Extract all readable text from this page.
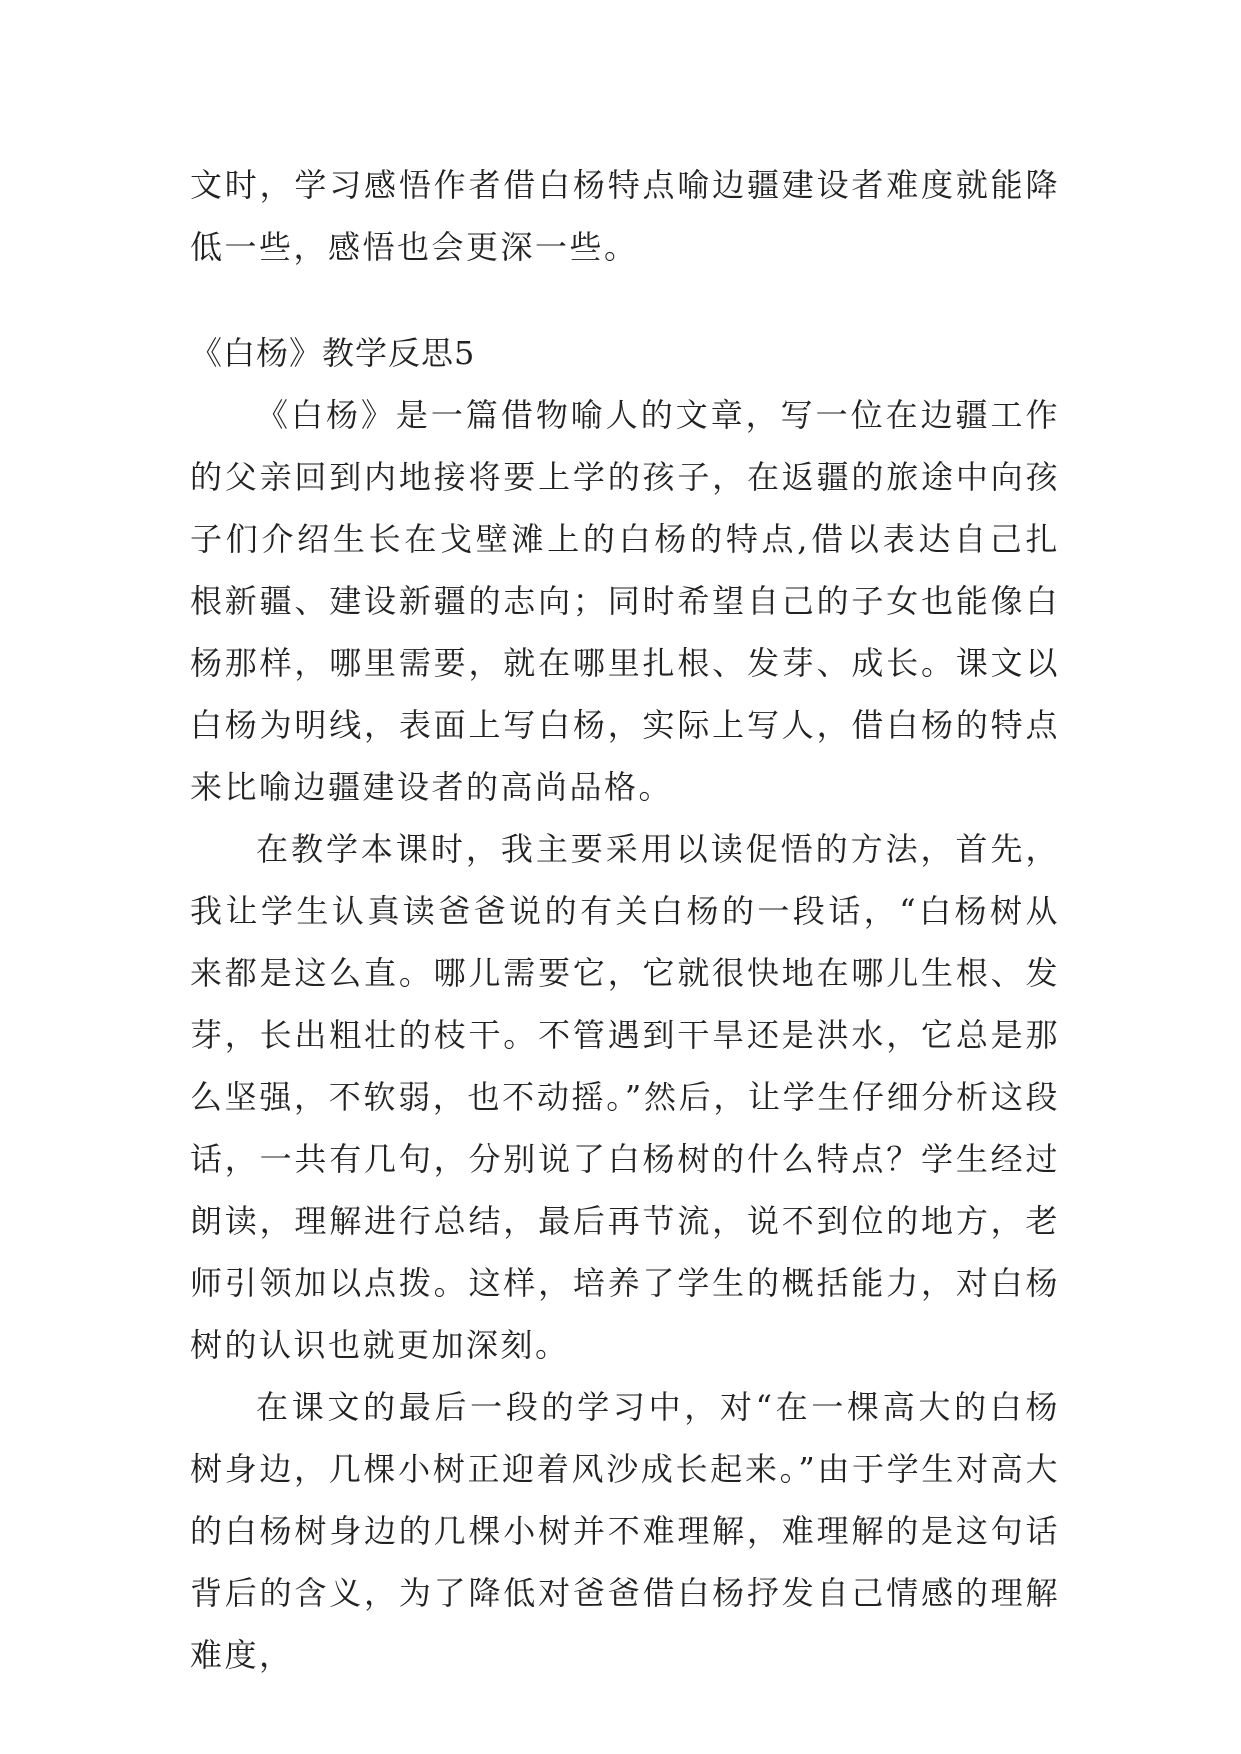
文时，学习感悟作者借白杨特点喻边疆建设者难度就能降低一些，感悟也会更深一些。

《白杨》教学反思5

《白杨》是一篇借物喻人的文章，写一位在边疆工作的父亲回到内地接将要上学的孩子，在返疆的旅途中向孩子们介绍生长在戈壁滩上的白杨的特点,借以表达自己扎根新疆、建设新疆的志向；同时希望自己的子女也能像白杨那样，哪里需要，就在哪里扎根、发芽、成长。课文以白杨为明线，表面上写白杨，实际上写人，借白杨的特点来比喻边疆建设者的高尚品格。

在教学本课时，我主要采用以读促悟的方法，首先，我让学生认真读爸爸说的有关白杨的一段话，“白杨树从来都是这么直。哪儿需要它，它就很快地在哪儿生根、发芽，长出粗壮的枝干。不管遇到干旱还是洪水，它总是那么坚强，不软弱，也不动摇。”然后，让学生仔细分析这段话，一共有几句，分别说了白杨树的什么特点？学生经过朗读，理解进行总结，最后再节流，说不到位的地方，老师引领加以点拨。这样，培养了学生的概括能力，对白杨树的认识也就更加深刻。

在课文的最后一段的学习中，对“在一棵高大的白杨树身边，几棵小树正迎着风沙成长起来。”由于学生对高大的白杨树身边的几棵小树并不难理解，难理解的是这句话背后的含义，为了降低对爸爸借白杨抒发自己情感的理解难度，
